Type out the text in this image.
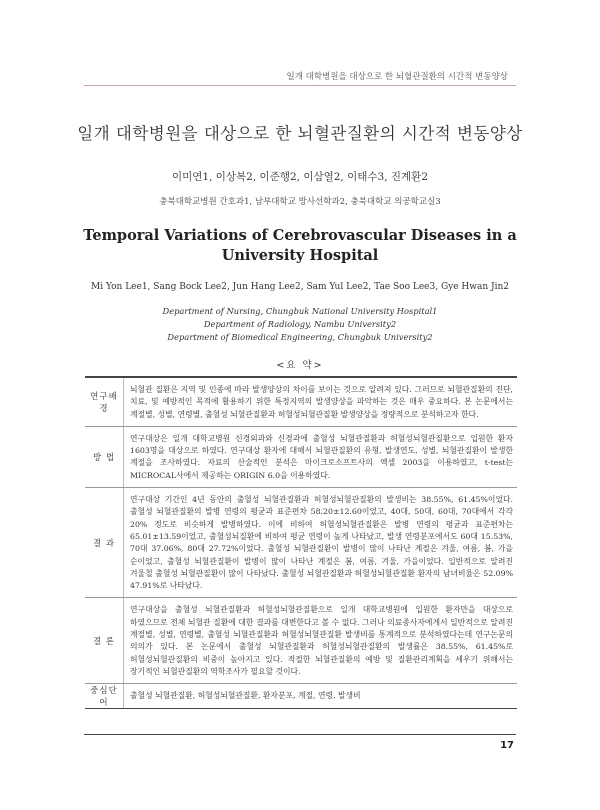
일개 대학병원을 대상으로 한 뇌혈관질환의 시간적 변동양상
일개 대학병원을 대상으로 한 뇌혈관질환의 시간적 변동양상
이미연1, 이상복2, 이준행2, 이삼열2, 이태수3, 진계환2
충북대학교병원 간호과1, 남부대학교 방사선학과2, 충북대학교 의공학교실3
Temporal Variations of Cerebrovascular Diseases in a University Hospital
Mi Yon Lee1, Sang Bock Lee2, Jun Hang Lee2, Sam Yul Lee2, Tae Soo Lee3, Gye Hwan Jin2
Department of Nursing, Chungbuk National University Hospital1
Department of Radiology, Nambu University2
Department of Biomedical Engineering, Chungbuk University2
<요 약>
연구배경
뇌혈관 질환은 지역 및 인종에 따라 발생양상의 차이를 보이는 것으로 알려져 있다. 그러므로 뇌혈관질환의 진단, 치료, 및 예방적인 목적에 활용하기 위한 특정지역의 발생양상을 파악하는 것은 매우 중요하다. 본 논문에서는 계절별, 성별, 연령별, 출혈성 뇌혈관질환과 허혈성뇌혈관질환 발생양상을 정량적으로 분석하고자 한다.
방 법
연구대상은 일개 대학교병원 신경외과와 신경과에 출혈성 뇌혈관질환과 허혈성뇌혈관질환으로 입원한 환자 1603명을 대상으로 하였다. 연구대상 환자에 대해서 뇌혈관질환의 유형, 발생연도, 성별, 뇌혈관질환이 발생한 계절을 조사하였다. 자료의 산술적인 분석은 마이크로소프트사의 엑셀 2003을 이용하였고, t-test는 MICROCAL사에서 제공하는 ORIGIN 6.0을 이용하였다.
결 과
연구대상 기간인 4년 동안의 출혈성 뇌혈관질환과 허혈성뇌혈관질환의 발생비는 38.55%, 61.45%이었다. 출혈성 뇌혈관질환의 발병 연령의 평균과 표준편차 58.20±12.60이었고, 40대, 50대, 60대, 70대에서 각각 20% 정도로 비슷하게 발병하였다. 이에 비하여 허혈성뇌혈관질환은 발병 연령의 평균과 표준편차는 65.01±13.59이었고, 출혈성뇌질환에 비하여 평균 연령이 높게 나타났고, 발생 연령분포에서도 60대 15.53%, 70대 37.06%, 80대 27.72%이었다. 출혈성 뇌혈관질환이 발병이 많이 나타난 계절은 겨울, 여름, 봄, 가을 순이었고, 출혈성 뇌혈관질환이 발병이 많이 나타난 계절은 봄, 여름, 겨울, 가을이었다. 일반적으로 알려진 겨울철 출혈성 뇌혈관질환이 많이 나타났다. 출혈성 뇌혈관질환과 허혈성뇌혈관질환 환자의 남녀비율은 52.09% 47.91%로 나타났다.
결 론
연구대상을 출혈성 뇌혈관질환과 허혈성뇌혈관질환으로 일개 대학교병원에 입원한 환자만을 대상으로 하였으므로 전체 뇌혈관 질환에 대한 결과를 대변한다고 볼 수 없다. 그러나 의료종사자에게서 일반적으로 알려진 계절별, 성별, 연령별, 출혈성 뇌혈관질환과 허혈성뇌혈관질환 발생비를 통계적으로 분석하였다는데 연구논문의 의의가 있다. 본 논문에서 출혈성 뇌혈관질환과 허혈성뇌혈관질환의 발생률은 38.55%, 61.45%로 허혈성뇌혈관질환의 비중이 높아지고 있다. 적절한 뇌혈관질환의 예방 및 질환관리계획을 세우기 위해서는 장기적인 뇌혈관질환의 역학조사가 필요할 것이다.
중심단어
출혈성 뇌혈관질환, 허혈성뇌혈관질환, 환자분포, 계절, 연령, 발생비
17
